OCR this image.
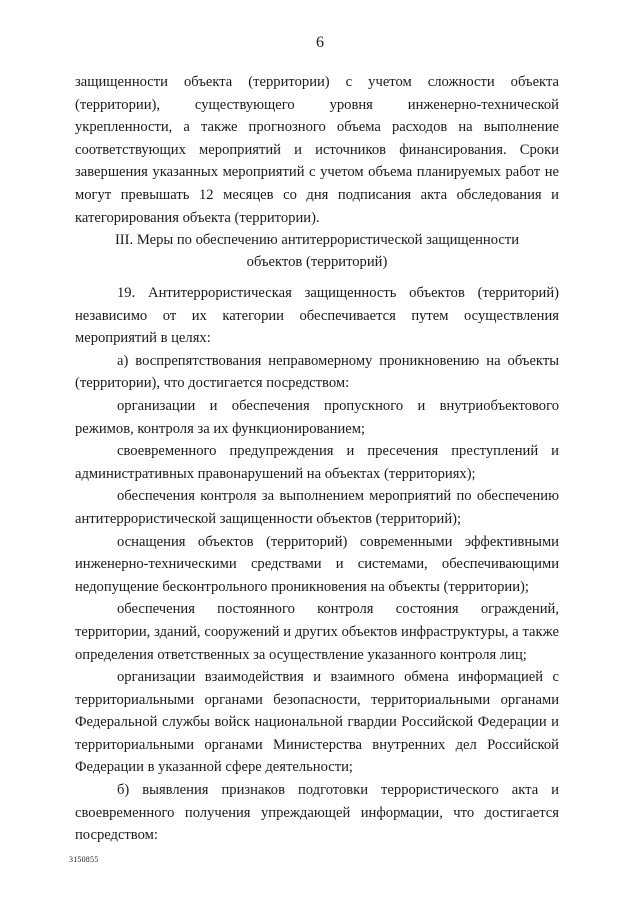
6

защищенности объекта (территории) с учетом сложности объекта (территории), существующего уровня инженерно-технической укрепленности, а также прогнозного объема расходов на выполнение соответствующих мероприятий и источников финансирования. Сроки завершения указанных мероприятий с учетом объема планируемых работ не могут превышать 12 месяцев со дня подписания акта обследования и категорирования объекта (территории).

III. Меры по обеспечению антитеррористической защищенности
объектов (территорий)

19. Антитеррористическая защищенность объектов (территорий) независимо от их категории обеспечивается путем осуществления мероприятий в целях:

а) воспрепятствования неправомерному проникновению на объекты (территории), что достигается посредством:

организации и обеспечения пропускного и внутриобъектового режимов, контроля за их функционированием;

своевременного предупреждения и пресечения преступлений и административных правонарушений на объектах (территориях);

обеспечения контроля за выполнением мероприятий по обеспечению антитеррористической защищенности объектов (территорий);

оснащения объектов (территорий) современными эффективными инженерно-техническими средствами и системами, обеспечивающими недопущение бесконтрольного проникновения на объекты (территории);

обеспечения постоянного контроля состояния ограждений, территории, зданий, сооружений и других объектов инфраструктуры, а также определения ответственных за осуществление указанного контроля лиц;

организации взаимодействия и взаимного обмена информацией с территориальными органами безопасности, территориальными органами Федеральной службы войск национальной гвардии Российской Федерации и территориальными органами Министерства внутренних дел Российской Федерации в указанной сфере деятельности;

б) выявления признаков подготовки террористического акта и своевременного получения упреждающей информации, что достигается посредством:

3150855
